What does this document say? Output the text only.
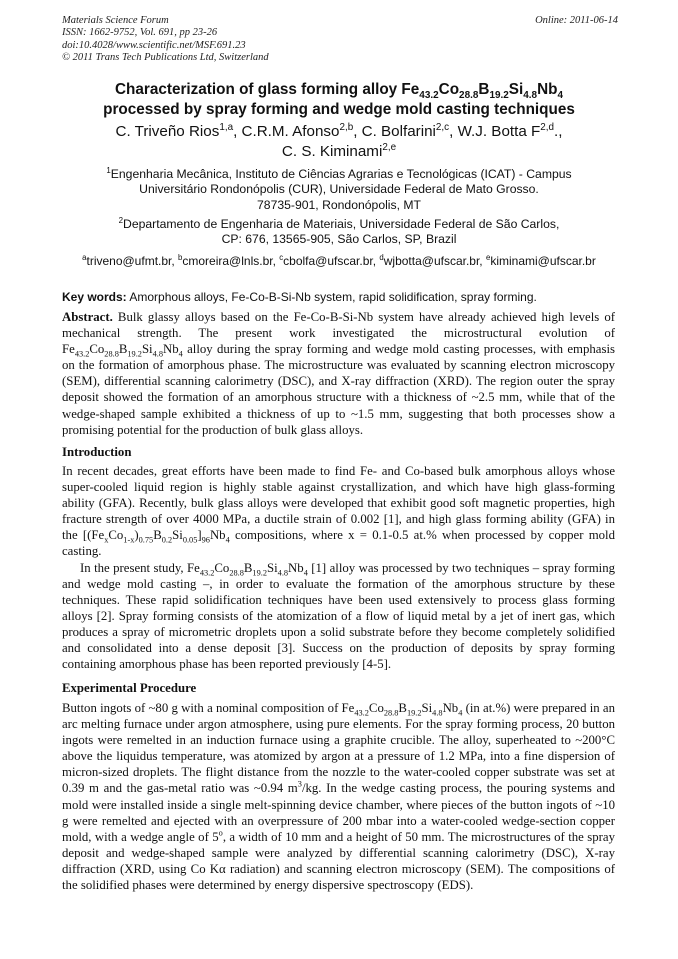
Materials Science Forum
ISSN: 1662-9752, Vol. 691, pp 23-26
doi:10.4028/www.scientific.net/MSF.691.23
© 2011 Trans Tech Publications Ltd, Switzerland
Online: 2011-06-14
Characterization of glass forming alloy $Fe_{43.2}Co_{28.8}B_{19.2}Si_{4.8}Nb_4$
processed by spray forming and wedge mold casting techniques
C. Triveño Rios$^{1,a}$, C.R.M. Afonso$^{2,b}$, C. Bolfarini$^{2,c}$, W.J. Botta F$^{2,d}$.,
C. S. Kiminami$^{2,e}$
$^1$Engenharia Mecânica, Instituto de Ciências Agrarias e Tecnológicas (ICAT) - Campus
Universitário Rondonópolis (CUR), Universidade Federal de Mato Grosso.
78735-901, Rondonópolis, MT
$^2$Departamento de Engenharia de Materiais, Universidade Federal de São Carlos,
CP: 676, 13565-905, São Carlos, SP, Brazil
$^a$triveno@ufmt.br, $^b$cmoreira@lnls.br, $^c$cbolfa@ufscar.br, $^d$wjbotta@ufscar.br, $^e$kiminami@ufscar.br
Key words: Amorphous alloys, Fe-Co-B-Si-Nb system, rapid solidification, spray forming.

Abstract. Bulk glassy alloys based on the Fe-Co-B-Si-Nb system have already achieved high levels of mechanical strength. The present work investigated the microstructural evolution of $Fe_{43.2}Co_{28.8}B_{19.2}Si_{4.8}Nb_4$ alloy during the spray forming and wedge mold casting processes, with emphasis on the formation of amorphous phase. The microstructure was evaluated by scanning electron microscopy (SEM), differential scanning calorimetry (DSC), and X-ray diffraction (XRD). The region outer the spray deposit showed the formation of an amorphous structure with a thickness of ~2.5 mm, while that of the wedge-shaped sample exhibited a thickness of up to ~1.5 mm, suggesting that both processes show a promising potential for the production of bulk glass alloys.

Introduction

In recent decades, great efforts have been made to find Fe- and Co-based bulk amorphous alloys whose super-cooled liquid region is highly stable against crystallization, and which have high glass-forming ability (GFA). Recently, bulk glass alloys were developed that exhibit good soft magnetic properties, high fracture strength of over 4000 MPa, a ductile strain of 0.002 [1], and high glass forming ability (GFA) in the $[(Fe_xCo_{1-x})_{0.75}B_{0.2}Si_{0.05}]_{96}Nb_4$ compositions, where x = 0.1-0.5 at.% when processed by copper mold casting.

In the present study, $Fe_{43.2}Co_{28.8}B_{19.2}Si_{4.8}Nb_4$ [1] alloy was processed by two techniques – spray forming and wedge mold casting –, in order to evaluate the formation of the amorphous structure by these techniques. These rapid solidification techniques have been used extensively to process glass forming alloys [2]. Spray forming consists of the atomization of a flow of liquid metal by a jet of inert gas, which produces a spray of micrometric droplets upon a solid substrate before they become completely solidified and consolidated into a dense deposit [3]. Success on the production of deposits by spray forming containing amorphous phase has been reported previously [4-5].

Experimental Procedure

Button ingots of ~80 g with a nominal composition of $Fe_{43.2}Co_{28.8}B_{19.2}Si_{4.8}Nb_4$ (in at.%) were prepared in an arc melting furnace under argon atmosphere, using pure elements. For the spray forming process, 20 button ingots were remelted in an induction furnace using a graphite crucible. The alloy, superheated to ~200°C above the liquidus temperature, was atomized by argon at a pressure of 1.2 MPa, into a fine dispersion of micron-sized droplets. The flight distance from the nozzle to the water-cooled copper substrate was set at 0.39 m and the gas-metal ratio was ~0.94 $m^3/kg$. In the wedge casting process, the pouring systems and mold were installed inside a single melt-spinning device chamber, where pieces of the button ingots of ~10 g were remelted and ejected with an overpressure of 200 mbar into a water-cooled wedge-section copper mold, with a wedge angle of 5$^o$, a width of 10 mm and a height of 50 mm. The microstructures of the spray deposit and wedge-shaped sample were analyzed by differential scanning calorimetry (DSC), X-ray diffraction (XRD, using Co Kα radiation) and scanning electron microscopy (SEM). The compositions of the solidified phases were determined by energy dispersive spectroscopy (EDS).
